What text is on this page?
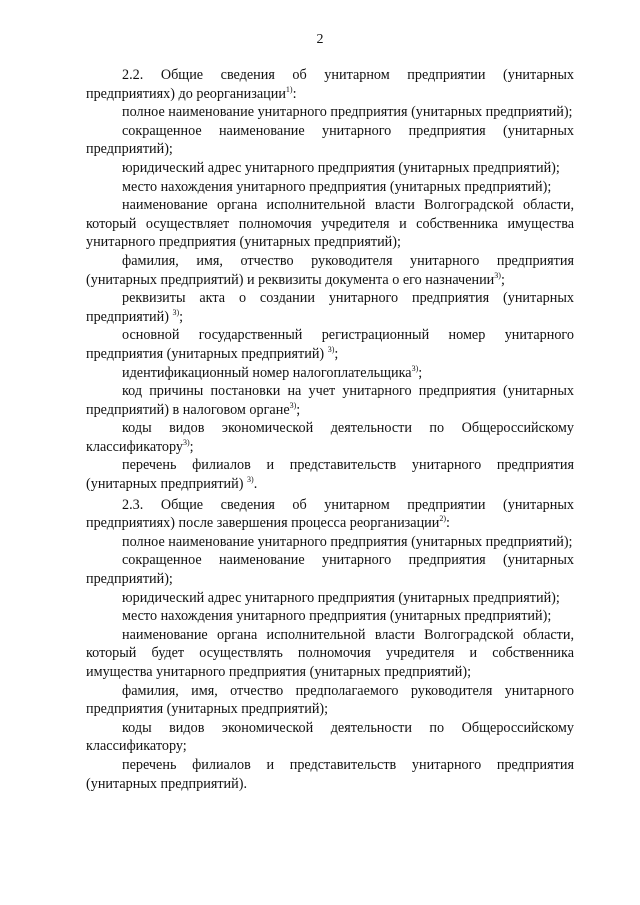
2

2.2. Общие сведения об унитарном предприятии (унитарных предприятиях) до реорганизации$^{1)}$:

полное наименование унитарного предприятия (унитарных предприятий);

сокращенное наименование унитарного предприятия (унитарных предприятий);

юридический адрес унитарного предприятия (унитарных предприятий);

место нахождения унитарного предприятия (унитарных предприятий);

наименование органа исполнительной власти Волгоградской области, который осуществляет полномочия учредителя и собственника имущества унитарного предприятия (унитарных предприятий);

фамилия, имя, отчество руководителя унитарного предприятия (унитарных предприятий) и реквизиты документа о его назначении$^{3)}$;

реквизиты акта о создании унитарного предприятия (унитарных предприятий) $^{3)}$;

основной государственный регистрационный номер унитарного предприятия (унитарных предприятий) $^{3)}$;

идентификационный номер налогоплательщика$^{3)}$;

код причины постановки на учет унитарного предприятия (унитарных предприятий) в налоговом органе$^{3)}$;

коды видов экономической деятельности по Общероссийскому классификатору$^{3)}$;

перечень филиалов и представительств унитарного предприятия (унитарных предприятий) $^{3)}$.

2.3. Общие сведения об унитарном предприятии (унитарных предприятиях) после завершения процесса реорганизации$^{2)}$:

полное наименование унитарного предприятия (унитарных предприятий);

сокращенное наименование унитарного предприятия (унитарных предприятий);

юридический адрес унитарного предприятия (унитарных предприятий);

место нахождения унитарного предприятия (унитарных предприятий);

наименование органа исполнительной власти Волгоградской области, который будет осуществлять полномочия учредителя и собственника имущества унитарного предприятия (унитарных предприятий);

фамилия, имя, отчество предполагаемого руководителя унитарного предприятия (унитарных предприятий);

коды видов экономической деятельности по Общероссийскому классификатору;

перечень филиалов и представительств унитарного предприятия (унитарных предприятий).
